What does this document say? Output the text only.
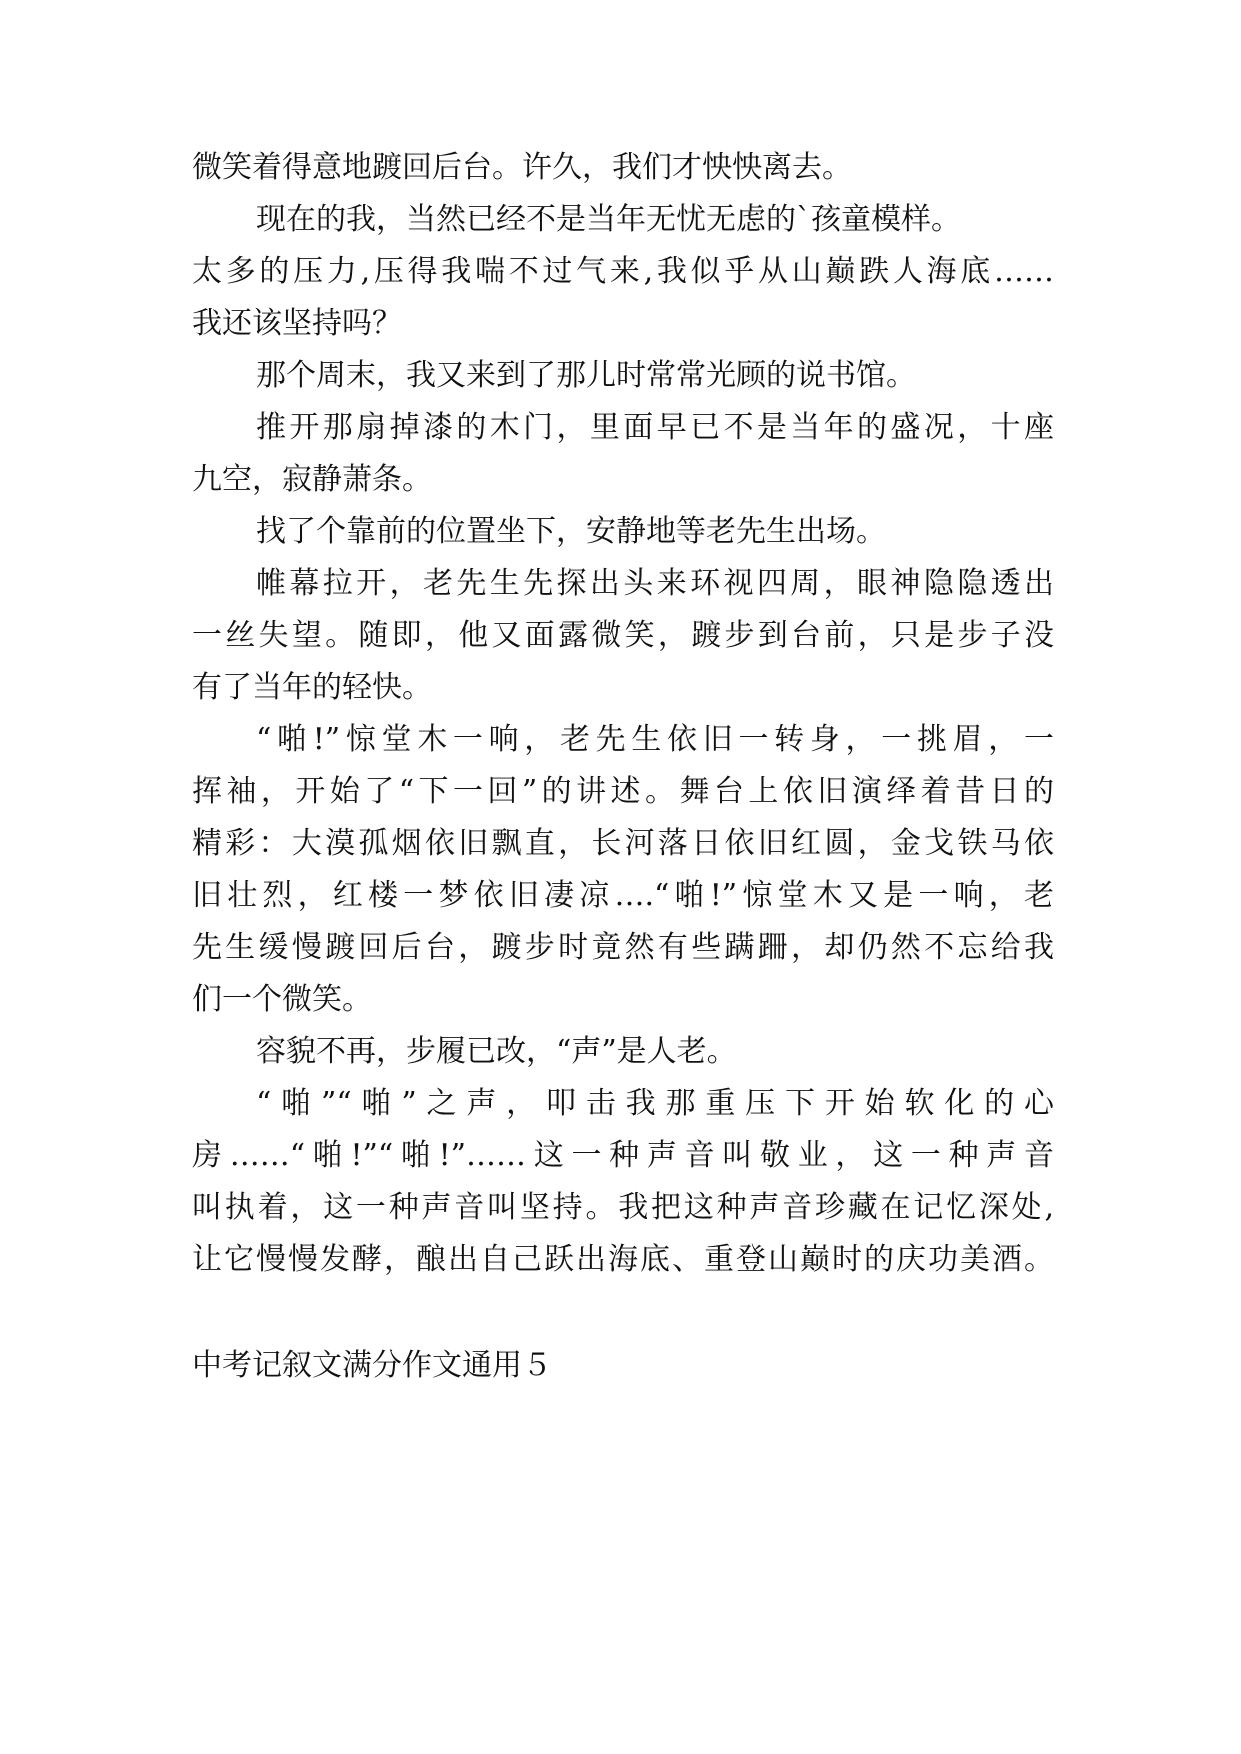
微笑着得意地踱回后台。许久，我们才怏怏离去。
现在的我，当然已经不是当年无忧无虑的`孩童模样。
太多的压力,压得我喘不过气来,我似乎从山巅跌人海底……
我还该坚持吗？
那个周末，我又来到了那儿时常常光顾的说书馆。
推开那扇掉漆的木门，里面早已不是当年的盛况，十座
九空，寂静萧条。
找了个靠前的位置坐下，安静地等老先生出场。
帷幕拉开，老先生先探出头来环视四周，眼神隐隐透出
一丝失望。随即，他又面露微笑，踱步到台前，只是步子没
有了当年的轻快。
“啪!”惊堂木一响，老先生依旧一转身，一挑眉，一
挥袖，开始了“下一回”的讲述。舞台上依旧演绎着昔日的
精彩：大漠孤烟依旧飘直，长河落日依旧红圆，金戈铁马依
旧壮烈，红楼一梦依旧凄凉….“啪!”惊堂木又是一响，老
先生缓慢踱回后台，踱步时竟然有些蹒跚，却仍然不忘给我
们一个微笑。
容貌不再，步履已改，“声”是人老。
“啪”“啪”之声，叩击我那重压下开始软化的心
房……“啪!”“啪!”……这一种声音叫敬业，这一种声音
叫执着，这一种声音叫坚持。我把这种声音珍藏在记忆深处,
让它慢慢发酵，酿出自己跃出海底、重登山巅时的庆功美酒。
中考记叙文满分作文通用５
